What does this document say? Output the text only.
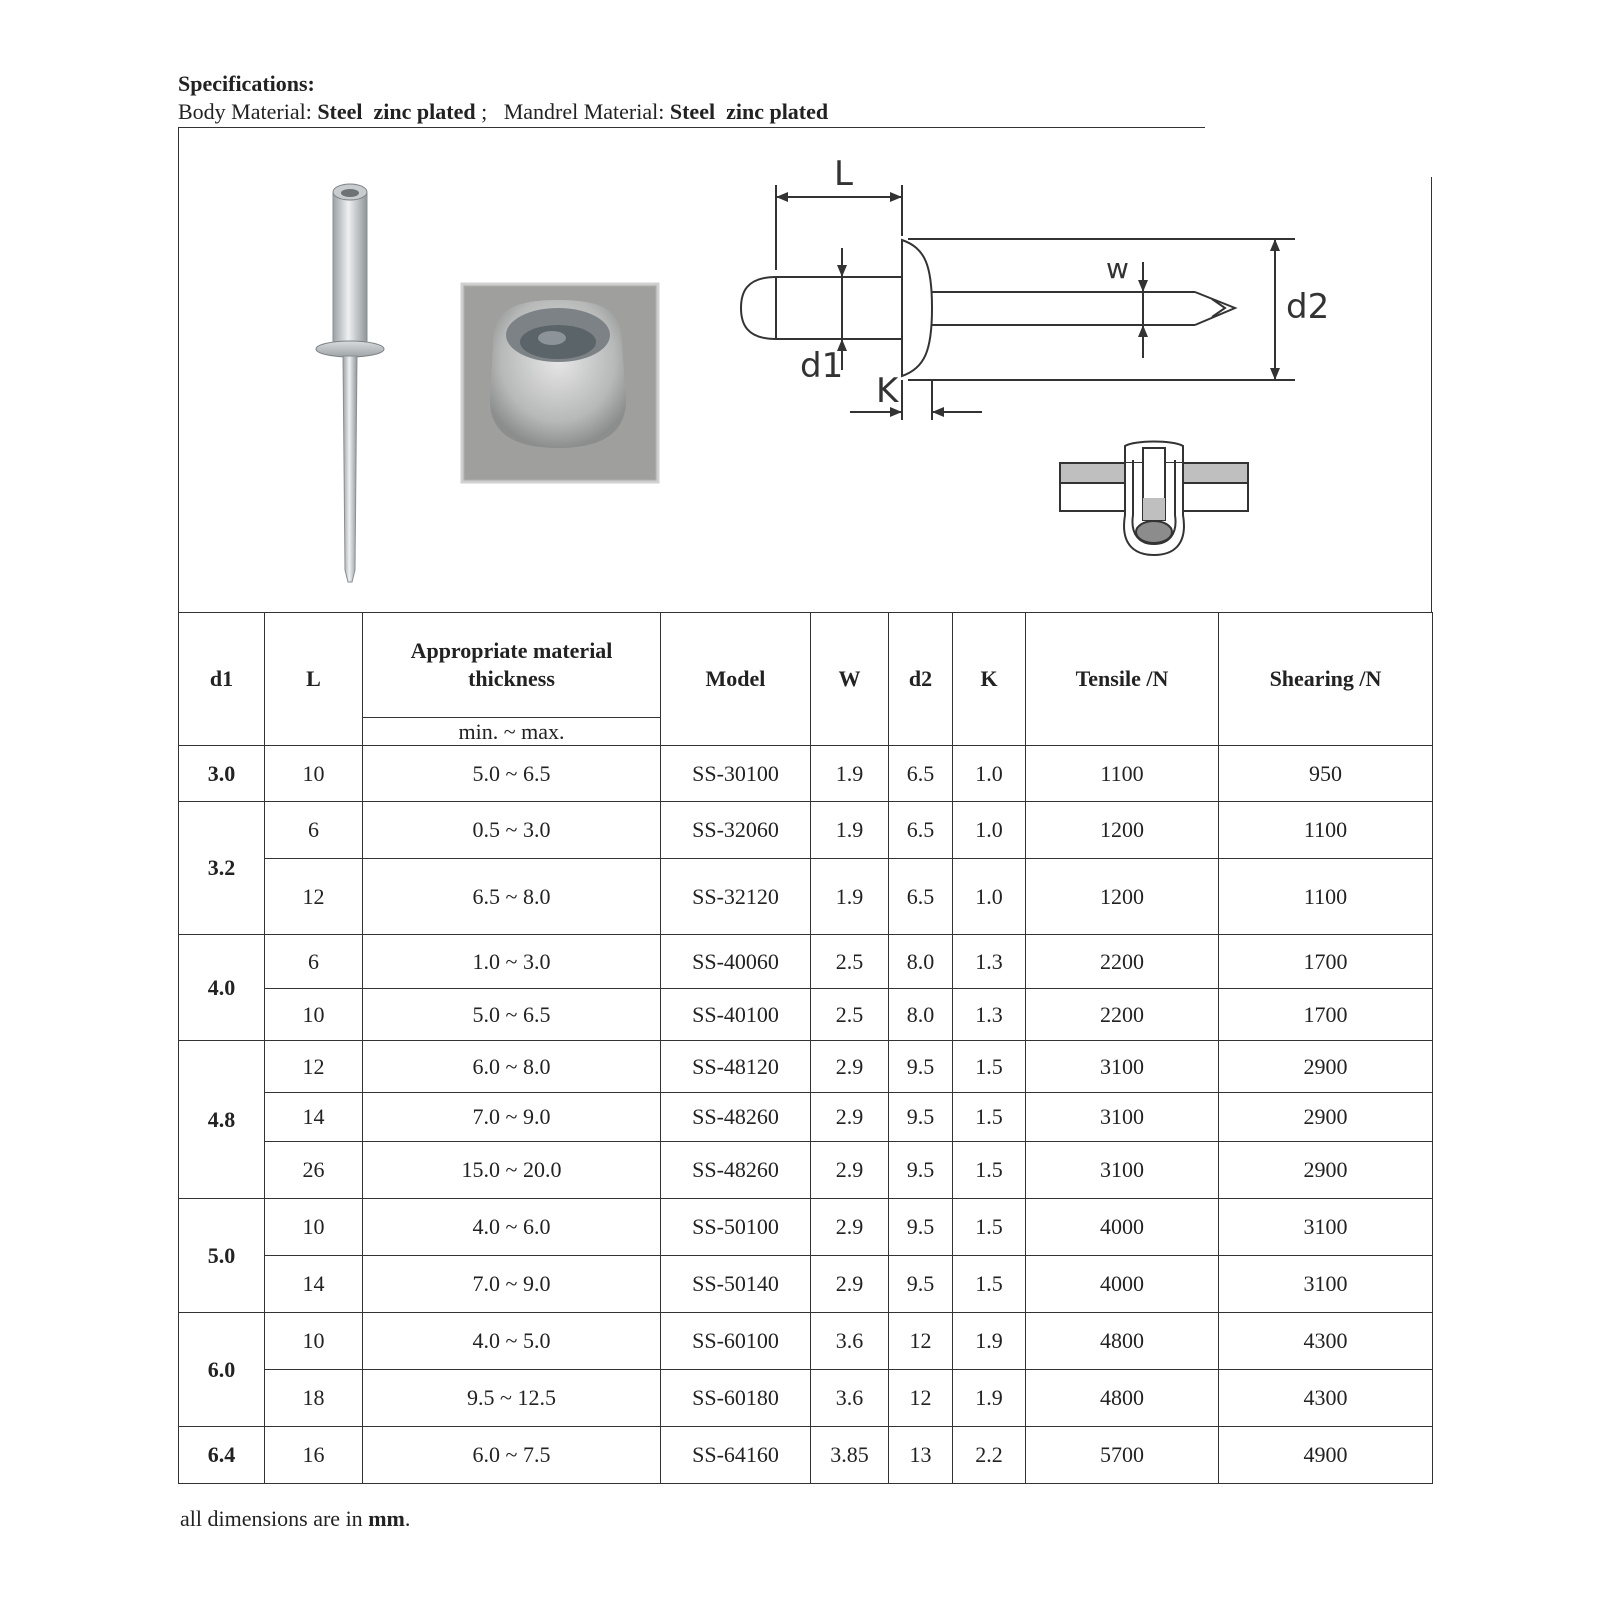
Specifications:
Body Material: Steel  zinc plated ; Mandrel Material: Steel  zinc plated
L
w
d1
K
d2
d1	L	Appropriate material thickness	Model	W	d2	K	Tensile /N	Shearing /N
		min. ~ max.						
3.0	10	5.0 ~ 6.5	SS-30100	1.9	6.5	1.0	1100	950
3.2	6	0.5 ~ 3.0	SS-32060	1.9	6.5	1.0	1200	1100
	12	6.5 ~ 8.0	SS-32120	1.9	6.5	1.0	1200	1100
4.0	6	1.0 ~ 3.0	SS-40060	2.5	8.0	1.3	2200	1700
	10	5.0 ~ 6.5	SS-40100	2.5	8.0	1.3	2200	1700
4.8	12	6.0 ~ 8.0	SS-48120	2.9	9.5	1.5	3100	2900
	14	7.0 ~ 9.0	SS-48260	2.9	9.5	1.5	3100	2900
	26	15.0 ~ 20.0	SS-48260	2.9	9.5	1.5	3100	2900
5.0	10	4.0 ~ 6.0	SS-50100	2.9	9.5	1.5	4000	3100
	14	7.0 ~ 9.0	SS-50140	2.9	9.5	1.5	4000	3100
6.0	10	4.0 ~ 5.0	SS-60100	3.6	12	1.9	4800	4300
	18	9.5 ~ 12.5	SS-60180	3.6	12	1.9	4800	4300
6.4	16	6.0 ~ 7.5	SS-64160	3.85	13	2.2	5700	4900
all dimensions are in mm.
